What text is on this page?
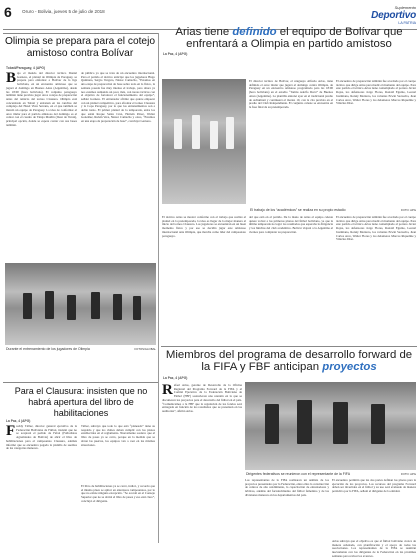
6 Oruro - Bolivia, jueves 5 de julio de 2018
Suplemento
Deportivo
LA PATRIA
Olimpia se prepara para el cotejo amistoso contra Bolívar
Tobati/Paraguay, 4 (APG)
Bajo el mando del director técnico Daniel Garnero, el plantel de Olimpia de Paraguay, se prepara para enfrentar a Bolívar de la liga boliviana, en un encuentro amistoso que se jugará el domingo en Buenos Aires (Argentina), desde las 18:00 (hora boliviana). El conjunto paraguayo también tiene previsto jugar otros cotejos de preparación antes del reinicio del torneo Clausura. Olimpia está concentrado en Tobatí y entrenan en las canchas del complejo del Hotel Vista Serrana, en el que también se instaló un equipo de Paraguay. La idea de conformar el once titular para el partido amistoso del domingo es el contar con el cuadro de Tinaja Maidín (Ilson de Verón), principal opción, donde se espera contar con sus bases también.
de público ya que se trata de un encuentro internacional. Para el partido el técnico anticipó que los jugadores Hugo Quintana, Sergio Vergara, Néstor Camacho, “Estamos en una etapa de preparación de base sobre todo en lo físico, la semana pasada fue muy intensa el trabajo, pero ahora ya nos estamos sumando un poco más, con tareas tácticas con el objetivo de fortalecer el funcionamiento del equipo”, señaló Garnero. El entrenador afirmó que quiere empezar con un plantel competitivo, para afrontar el torneo Clausura y la Copa Paraguay, por lo que los entrenamientos son a doble turno. El primer plantel de la temporada, entre los que están Roque Santa Cruz, Hernán Pérez, Walter González, Rubén Vera, Néstor Camacho y otros, “Estamos en una etapa de preparación de base”, concluyó Garnero.
Durante el entrenamiento de los jugadores de Olimpia	FOTOS/GLOBAL
Para el Clausura: insisten que no habrá apertura del libro de habilitaciones
La Paz, 4 (APG)
Freddy Téllez, director general ejecutivo de la Federación Boliviana de Fútbol, insistió que no se aceptará el pedido de Fabol (Futbolistas Agremiados de Bolivia) de abrir el libro de habilitaciones para el campeonato Clausura, además informó que se encuentra pagada la planilla de sueldos de las categorías menores.
Téllez, subrayó que todo lo que está “planeado” tiene su respaldo y que los clubes deben cumplir con los plazos establecidos en el reglamento. Nuevamente sostuvo que el libro de pases ya se cerró, porque en la medida que se abran las puertas, los equipos van a caer en las mismas situaciones.
El libro de habilitaciones ya se cerró, indicó, y recordó que el mismo plazo se aplicó en anteriores campeonatos, por lo que no existe ninguna excepción. “Se acordó en el Consejo Superior que no se abrirá el libro de pases y eso está claro”, concluyó el dirigente.
Arias tiene definido el equipo de Bolívar que enfrentará a Olimpia en partido amistoso
La Paz, 4 (APG)
El director técnico de Bolívar, el uruguayo Alfredo Arias, tiene definido el once titular que jugará el domingo contra Olimpia, de Paraguay en un encuentro amistoso programado para las 18:00 (hora boliviana) en el estadio “Tomás Adolfo Ducó” de Buenos Aires (Argentina). La plantilla entrenó ayer en el tradicional predio de Achumani y continuará el martes 10, con la cita prevista en el predio del Club Independiente. El conjunto celeste se encuentra en la fase final de su pretemporada.
El encuentro de preparación también fue acordado por el cuerpo técnico que dirige Arias para medir el momento del equipo. Para este partido el técnico Arias tiene contemplado al portero Javier Rojas, los defensores Jorge Flores, Ronald Eguino, Leonel Justiniano, Ronny Montero, los volantes Erwin Saavedra, Juan Carlos Arce, Walter Flores y los delanteros Marcos Riquelme y Vinícius Díaz.
El trabajo de los “académicos” se realiza en su propio estadio	FOTO: APG
El técnico Arias se mostró conforme con el trabajo que realizó el plantel en la pretemporada, la idea es llegar de la mejor manera al inicio del torneo Clausura. Los jugadores se encuentran en un buen momento físico y por eso se decidió jugar este amistoso internacional ante Olimpia, que marcha como líder del campeonato paraguayo.
del que está en el partido. De la mano de Arias el equipo celeste quiere volver a los primeros planos del fútbol boliviano, ya que la última temporada no logró los resultados que esperaba la dirigencia y los hinchas del club académico. Bolívar viajará a la Argentina el viernes para completar su preparación.
El encuentro de preparación también fue acordado por el cuerpo técnico que dirige Arias para medir el momento del equipo. Para este partido el técnico Arias tiene contemplado al portero Javier Rojas, los defensores Jorge Flores, Ronald Eguino, Leonel Justiniano, Ronny Montero, los volantes Erwin Saavedra, Juan Carlos Arce, Walter Flores y los delanteros Marcos Riquelme y Vinícius Díaz.
Miembros del programa de desarrollo forward de la FIFA y FBF anticipan proyectos
La Paz, 4 (APG)
Rafael Arias, gerente de Desarrollo de la Oficina Regional del Programa Forward de la FIFA y el Comité Ejecutivo de la Federación Boliviana de Fútbol (FBF) sostuvieron una reunión en la que se discutieron los proyectos para el desarrollo del fútbol en el país. “Comunicamos a la FBF que la regulación de los fondos será entregada en función de los resultados que se presenten en las auditorías”, afirmó Arias.
Dirigentes federativos se reunieron con el representante de la FIFA	FOTO: APG
Los representantes de la FIFA realizaron un análisis de los proyectos presentados por la Federación, entre ellos la construcción de centros de alto rendimiento, la capacitación de entrenadores y árbitros, además del fortalecimiento del fútbol femenino y de las divisiones menores en los departamentos del país.
El encuentro permitió que las dos partes definan los plazos para la ejecución de los proyectos. Los recursos del programa Forward deben ser invertidos en el fútbol y su uso será evaluado de manera periódica por la FIFA, señaló el dirigente de la entidad.
Arias subrayó que el objetivo es que el fútbol boliviano crezca de manera ordenada, con planificación y el apoyo de todas las asociaciones. Los representantes de la FIFA se reunirán nuevamente con los dirigentes de la Federación en las próximas semanas para revisar los avances.
